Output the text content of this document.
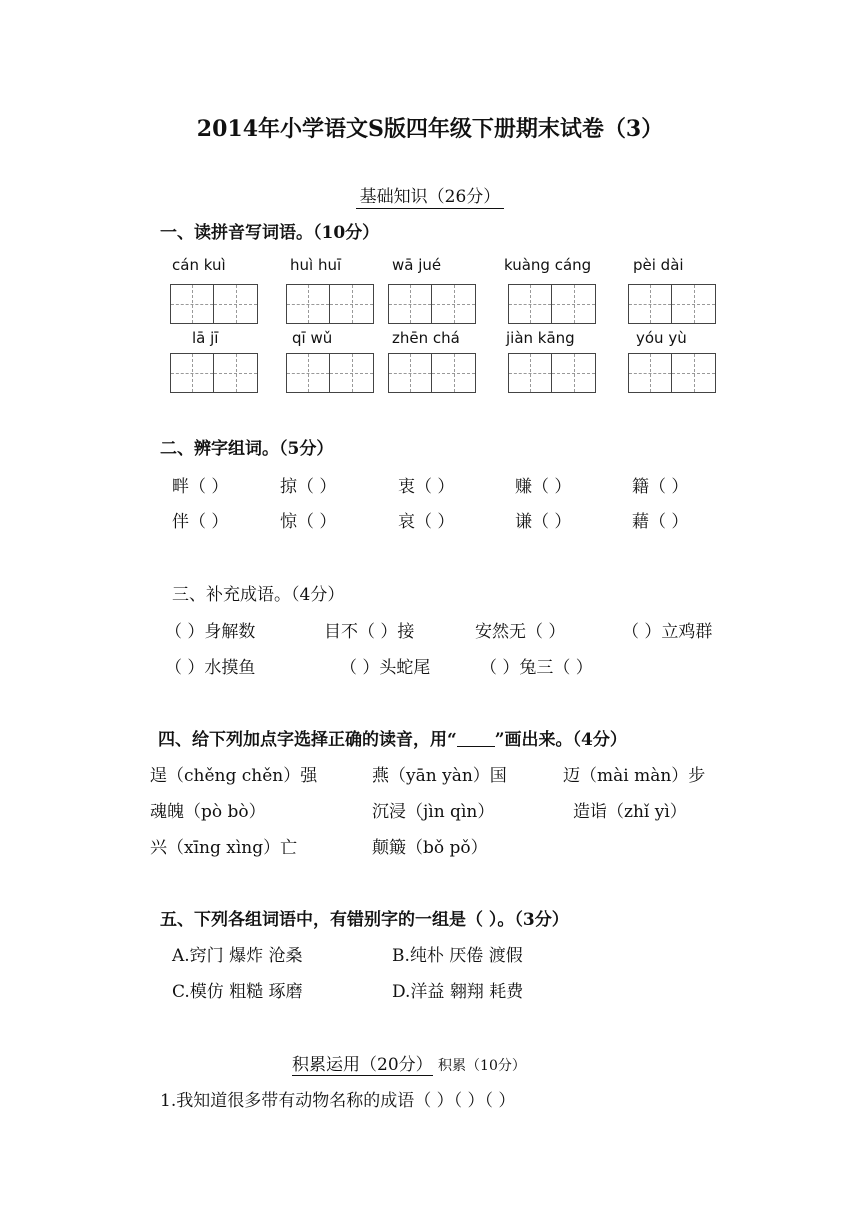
2014年小学语文S版四年级下册期末试卷（3）
基础知识（26分）
一、读拼音写词语。（10分）
cán kuì	huì huī	wā jué	kuàng cáng	pèi dài
lā jī	qī wǔ	zhēn chá	jiàn kāng	yóu yù
二、辨字组词。（5分）
畔（ ）	掠（ ）	衷（ ）	赚（ ）	籍（ ）
伴（ ）	惊（ ）	哀（ ）	谦（ ）	藉（ ）
三、补充成语。（4分）
（ ）身解数	目不（ ）接	安然无（ ）	（ ）立鸡群
（ ）水摸鱼	（ ）头蛇尾	（ ）兔三（ ）
四、给下列加点字选择正确的读音，用“ ”画出来。（4分）
逞（chěng chěn）强	燕（yān yàn）国	迈（mài màn）步
魂魄（pò bò）	沉浸（jìn qìn）	造诣（zhǐ yì）
兴（xīng xìng）亡	颠簸（bǒ pǒ）
五、下列各组词语中，有错别字的一组是（ ）。（3分）
A.窍门 爆炸 沧桑	B.纯朴 厌倦 渡假
C.模仿 粗糙 琢磨	D.洋益 翱翔 耗费
积累运用（20分） 积累（10分）
1.我知道很多带有动物名称的成语（ ）（ ）（ ）
